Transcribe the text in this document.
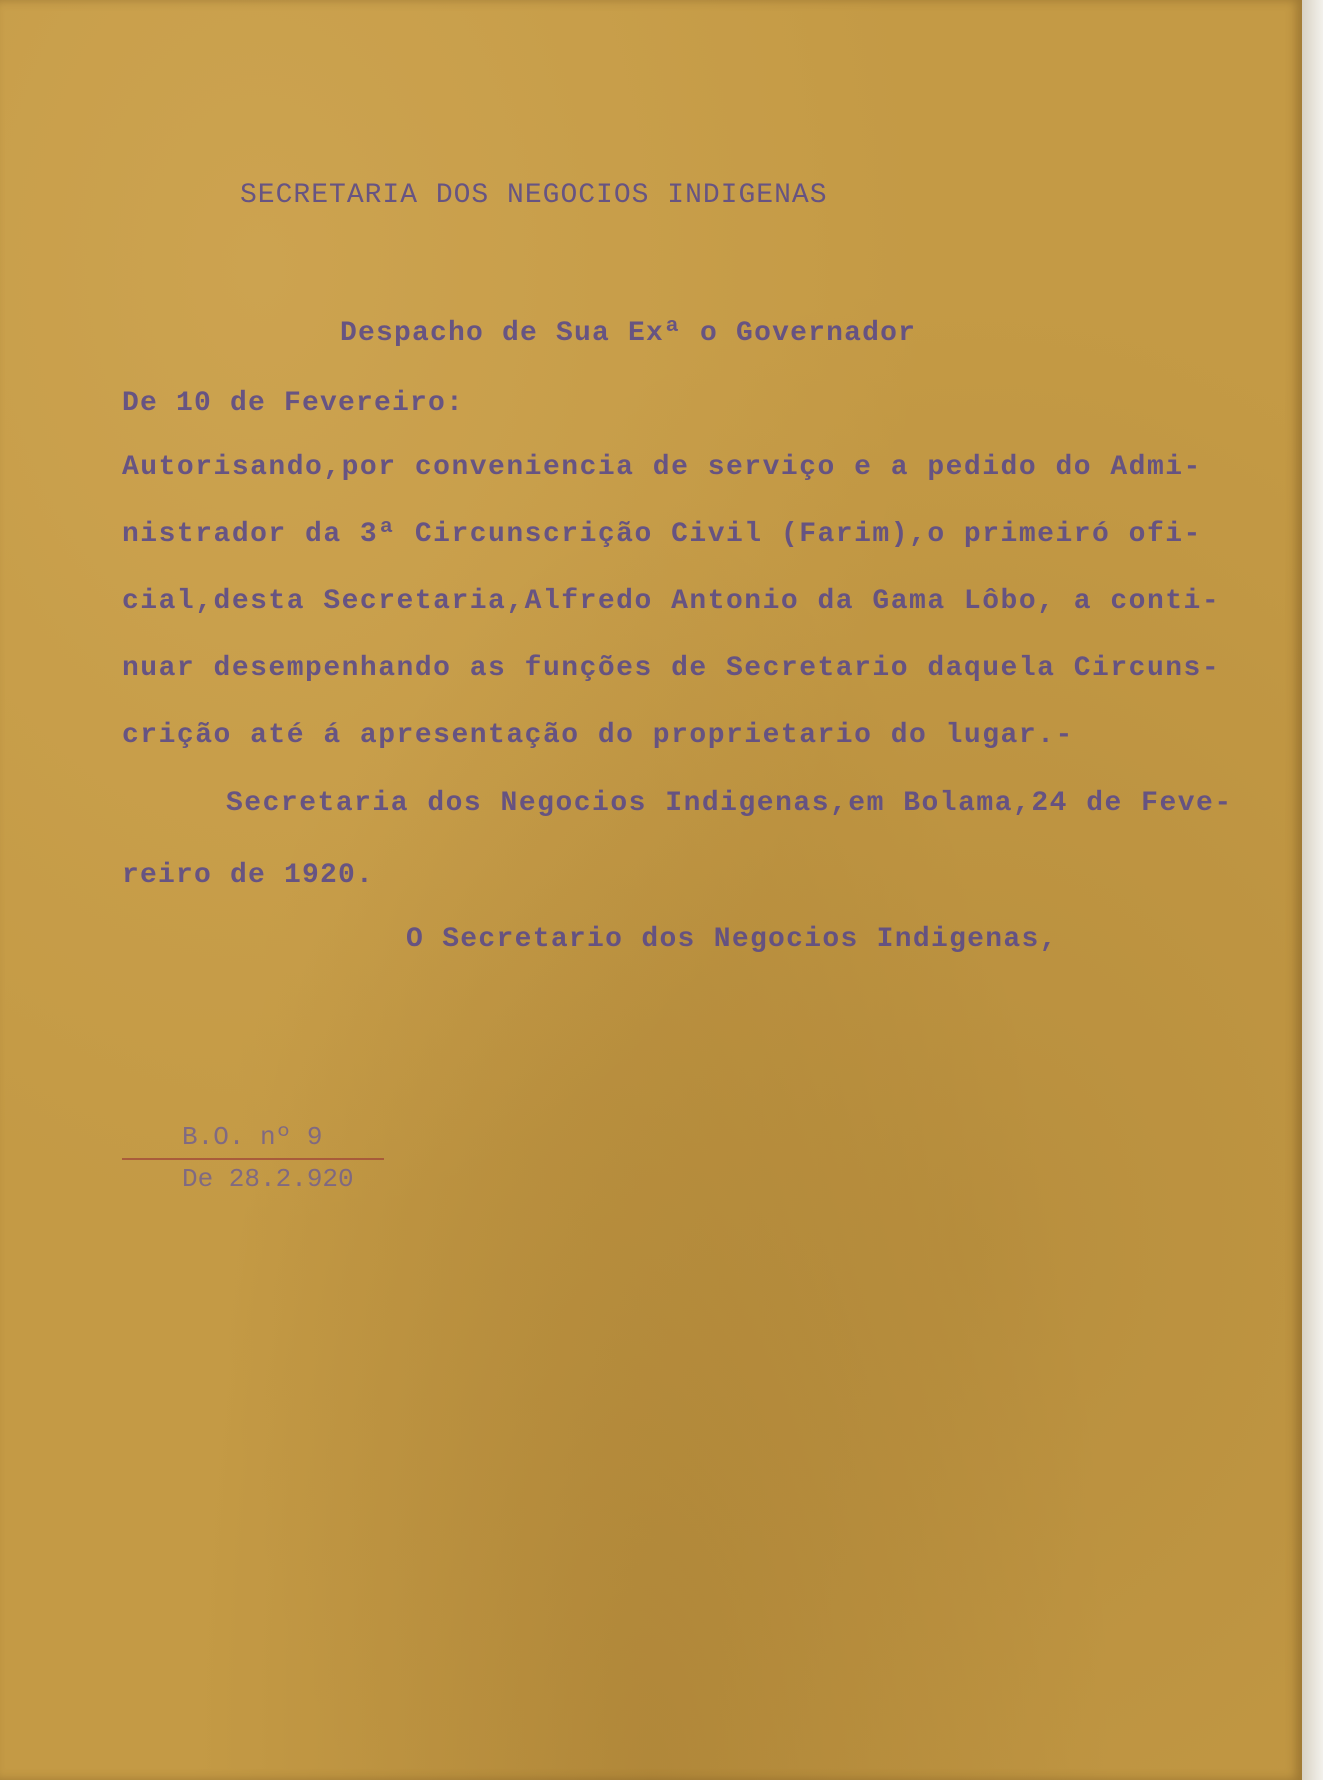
SECRETARIA DOS NEGOCIOS INDIGENAS
Despacho de Sua Exª o Governador
De 10 de Fevereiro:
Autorisando,por conveniencia de serviço e a pedido do Admi-
nistrador da 3ª Circunscrição Civil (Farim),o primeiró ofi-
cial,desta Secretaria,Alfredo Antonio da Gama Lôbo, a conti-
nuar desempenhando as funções de Secretario daquela Circuns-
crição até á apresentação do proprietario do lugar.-
Secretaria dos Negocios Indigenas,em Bolama,24 de Feve-
reiro de 1920.
O Secretario dos Negocios Indigenas,
B.O. nº 9
De 28.2.920
